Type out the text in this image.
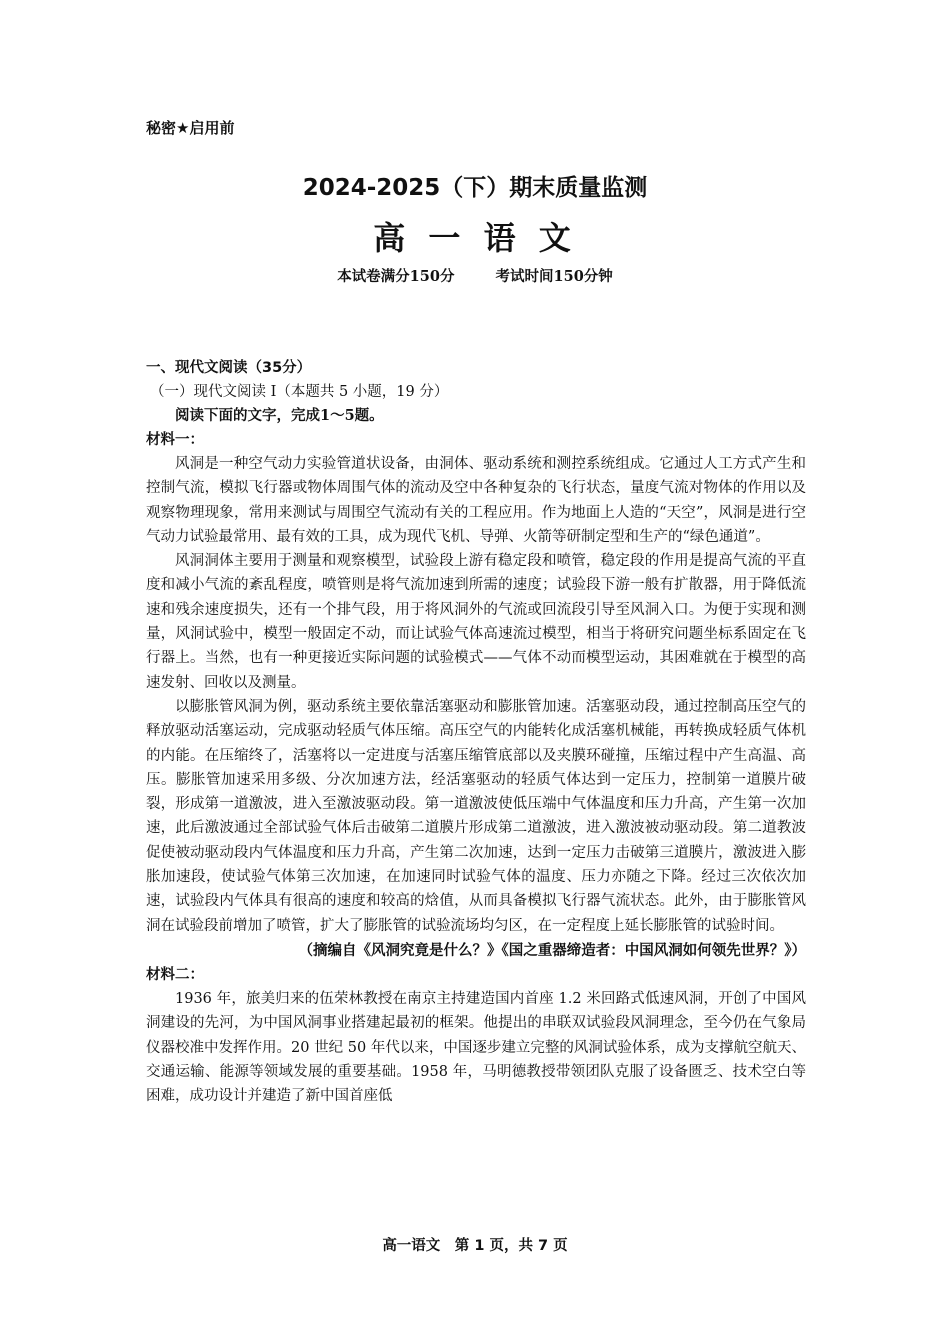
秘密★启用前
2024-2025（下）期末质量监测
高 一 语 文
本试卷满分150分	考试时间150分钟
一、现代文阅读（35分）
（一）现代文阅读 I（本题共 5 小题，19 分）
阅读下面的文字，完成1～5题。
材料一：

风洞是一种空气动力实验管道状设备，由洞体、驱动系统和测控系统组成。它通过人工方式产生和控制气流，模拟飞行器或物体周围气体的流动及空中各种复杂的飞行状态，量度气流对物体的作用以及观察物理现象，常用来测试与周围空气流动有关的工程应用。作为地面上人造的“天空”，风洞是进行空气动力试验最常用、最有效的工具，成为现代飞机、导弹、火箭等研制定型和生产的“绿色通道”。

风洞洞体主要用于测量和观察模型，试验段上游有稳定段和喷管，稳定段的作用是提高气流的平直度和减小气流的紊乱程度，喷管则是将气流加速到所需的速度；试验段下游一般有扩散器，用于降低流速和残余速度损失，还有一个排气段，用于将风洞外的气流或回流段引导至风洞入口。为便于实现和测量，风洞试验中，模型一般固定不动，而让试验气体高速流过模型，相当于将研究问题坐标系固定在飞行器上。当然，也有一种更接近实际问题的试验模式——气体不动而模型运动，其困难就在于模型的高速发射、回收以及测量。

以膨胀管风洞为例，驱动系统主要依靠活塞驱动和膨胀管加速。活塞驱动段，通过控制高压空气的释放驱动活塞运动，完成驱动轻质气体压缩。高压空气的内能转化成活塞机械能，再转换成轻质气体机的内能。在压缩终了，活塞将以一定进度与活塞压缩管底部以及夹膜环碰撞，压缩过程中产生高温、高压。膨胀管加速采用多级、分次加速方法，经活塞驱动的轻质气体达到一定压力，控制第一道膜片破裂，形成第一道激波，进入至激波驱动段。第一道激波使低压端中气体温度和压力升高，产生第一次加速，此后激波通过全部试验气体后击破第二道膜片形成第二道激波，进入激波被动驱动段。第二道教波促使被动驱动段内气体温度和压力升高，产生第二次加速，达到一定压力击破第三道膜片，激波进入膨胀加速段，使试验气体第三次加速，在加速同时试验气体的温度、压力亦随之下降。经过三次依次加速，试验段内气体具有很高的速度和较高的焓值，从而具备模拟飞行器气流状态。此外，由于膨胀管风洞在试验段前增加了喷管，扩大了膨胀管的试验流场均匀区，在一定程度上延长膨胀管的试验时间。

（摘编自《风洞究竟是什么？》《国之重器缔造者：中国风洞如何领先世界？》）
材料二：

1936 年，旅美归来的伍荣林教授在南京主持建造国内首座 1.2 米回路式低速风洞，开创了中国风洞建设的先河，为中国风洞事业搭建起最初的框架。他提出的串联双试验段风洞理念，至今仍在气象局仪器校准中发挥作用。20 世纪 50 年代以来，中国逐步建立完整的风洞试验体系，成为支撑航空航天、交通运输、能源等领域发展的重要基础。1958 年，马明德教授带领团队克服了设备匮乏、技术空白等困难，成功设计并建造了新中国首座低

高一语文　第 1 页，共 7 页
